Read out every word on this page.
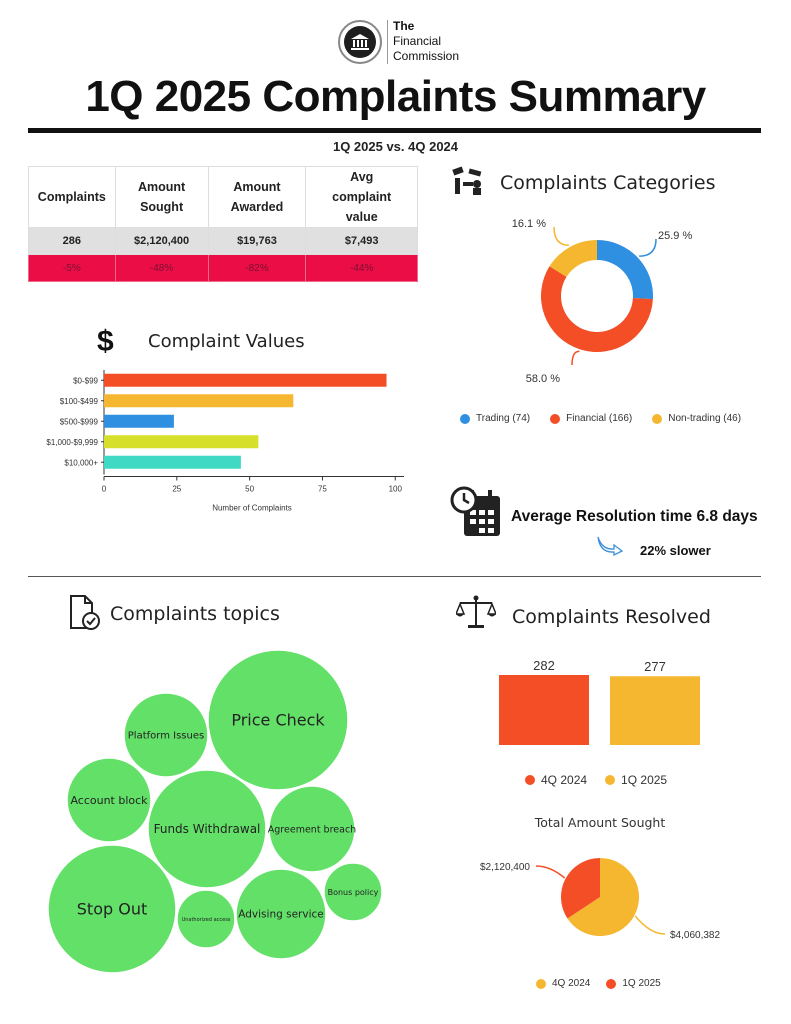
The
Financial
Commission
1Q 2025 Complaints Summary
1Q 2025 vs. 4Q 2024
Complaints	Amount Sought	Amount Awarded	Avg complaint value
286	$2,120,400	$19,763	$7,493
-5%	-48%	-82%	-44%
Complaints Categories
25.9 %
58.0 %
16.1 %
Trading (74)	Financial (166)	Non-trading (46)
$ Complaint Values
$0-$99
$100-$499
$500-$999
$1,000-$9,999
$10,000+
0	25	50	75	100
Number of Complaints	Average Resolution time 6.8 days
22% slower
Complaints topics
Price Check
Stop Out
Funds Withdrawal
Platform Issues
Account block
Agreement breach
Advising service
Bonus policy
Unathorized access
Complaints Resolved
282	277
4Q 2024	1Q 2025
Total Amount Sought
$4,060,382
$2,120,400
4Q 2024	1Q 2025
